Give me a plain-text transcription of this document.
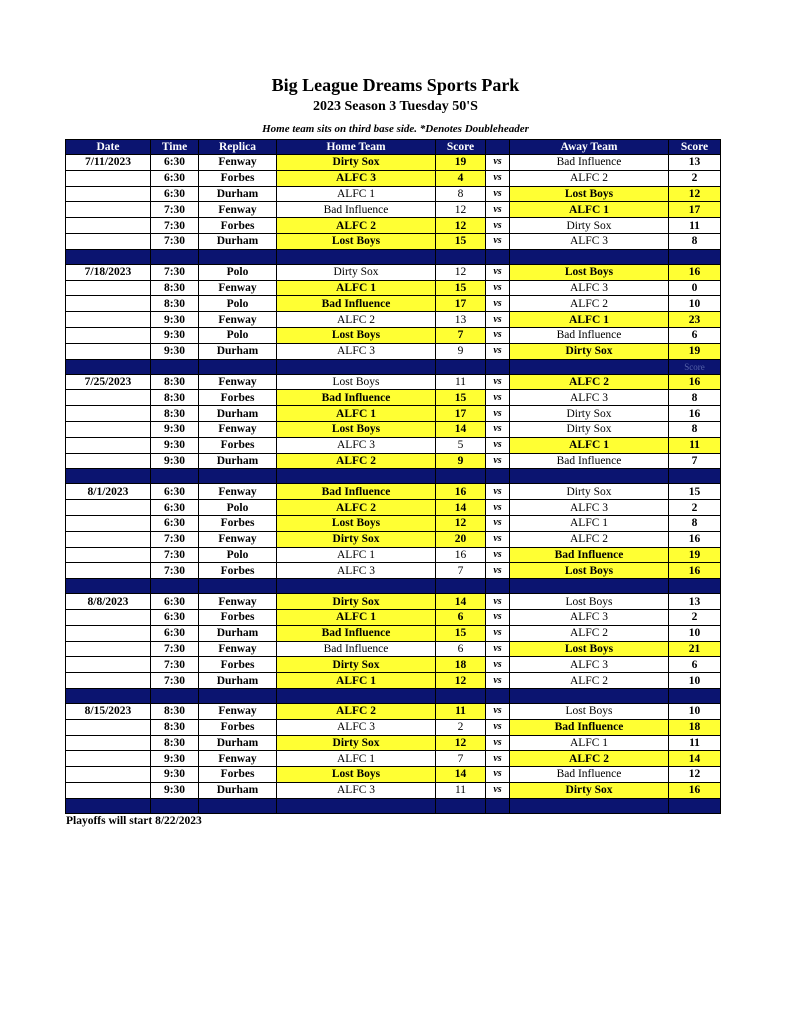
Big League Dreams Sports Park
2023 Season 3 Tuesday 50'S
Home team sits on third base side. *Denotes Doubleheader
Date	Time	Replica	Home Team	Score		Away Team	Score
7/11/2023	6:30	Fenway	Dirty Sox	19	vs	Bad Influence	13
	6:30	Forbes	ALFC 3	4	vs	ALFC 2	2
	6:30	Durham	ALFC 1	8	vs	Lost Boys	12
	7:30	Fenway	Bad Influence	12	vs	ALFC 1	17
	7:30	Forbes	ALFC 2	12	vs	Dirty Sox	11
	7:30	Durham	Lost Boys	15	vs	ALFC 3	8

7/18/2023	7:30	Polo	Dirty Sox	12	vs	Lost Boys	16
	8:30	Fenway	ALFC 1	15	vs	ALFC 3	0
	8:30	Polo	Bad Influence	17	vs	ALFC 2	10
	9:30	Fenway	ALFC 2	13	vs	ALFC 1	23
	9:30	Polo	Lost Boys	7	vs	Bad Influence	6
	9:30	Durham	ALFC 3	9	vs	Dirty Sox	19
							Score
7/25/2023	8:30	Fenway	Lost Boys	11	vs	ALFC 2	16
	8:30	Forbes	Bad Influence	15	vs	ALFC 3	8
	8:30	Durham	ALFC 1	17	vs	Dirty Sox	16
	9:30	Fenway	Lost Boys	14	vs	Dirty Sox	8
	9:30	Forbes	ALFC 3	5	vs	ALFC 1	11
	9:30	Durham	ALFC 2	9	vs	Bad Influence	7

8/1/2023	6:30	Fenway	Bad Influence	16	vs	Dirty Sox	15
	6:30	Polo	ALFC 2	14	vs	ALFC 3	2
	6:30	Forbes	Lost Boys	12	vs	ALFC 1	8
	7:30	Fenway	Dirty Sox	20	vs	ALFC 2	16
	7:30	Polo	ALFC 1	16	vs	Bad Influence	19
	7:30	Forbes	ALFC 3	7	vs	Lost Boys	16

8/8/2023	6:30	Fenway	Dirty Sox	14	vs	Lost Boys	13
	6:30	Forbes	ALFC 1	6	vs	ALFC 3	2
	6:30	Durham	Bad Influence	15	vs	ALFC 2	10
	7:30	Fenway	Bad Influence	6	vs	Lost Boys	21
	7:30	Forbes	Dirty Sox	18	vs	ALFC 3	6
	7:30	Durham	ALFC 1	12	vs	ALFC 2	10

8/15/2023	8:30	Fenway	ALFC 2	11	vs	Lost Boys	10
	8:30	Forbes	ALFC 3	2	vs	Bad Influence	18
	8:30	Durham	Dirty Sox	12	vs	ALFC 1	11
	9:30	Fenway	ALFC 1	7	vs	ALFC 2	14
	9:30	Forbes	Lost Boys	14	vs	Bad Influence	12
	9:30	Durham	ALFC 3	11	vs	Dirty Sox	16

Playoffs will start 8/22/2023
